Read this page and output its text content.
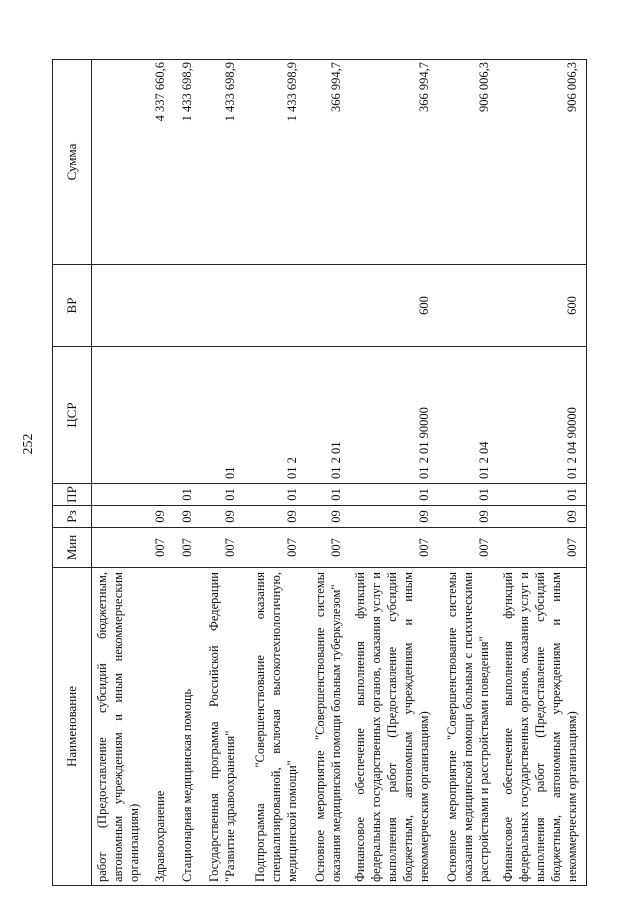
252
Наименование	Мин	Рз	ПР	ЦСР	ВР	Сумма
работ (Предоставление субсидий бюджетным, автономным учреждениям и иным некоммерческим организациям)						
Здравоохранение	007	09				4 337 660,6
Стационарная медицинская помощь	007	09	01			1 433 698,9
Государственная программа Российской Федерации "Развитие здравоохранения"	007	09	01	01		1 433 698,9
Подпрограмма "Совершенствование оказания специализированной, включая высокотехнологичную, медицинской помощи"	007	09	01	01 2		1 433 698,9
Основное мероприятие "Совершенствование системы оказания медицинской помощи больным туберкулезом"	007	09	01	01 2 01		366 994,7
Финансовое обеспечение выполнения функций федеральных государственных органов, оказания услуг и выполнения работ (Предоставление субсидий бюджетным, автономным учреждениям и иным некоммерческим организациям)	007	09	01	01 2 01 90000	600	366 994,7
Основное мероприятие "Совершенствование системы оказания медицинской помощи больным с психическими расстройствами и расстройствами поведения"	007	09	01	01 2 04		906 006,3
Финансовое обеспечение выполнения функций федеральных государственных органов, оказания услуг и выполнения работ (Предоставление субсидий бюджетным, автономным учреждениям и иным некоммерческим организациям)	007	09	01	01 2 04 90000	600	906 006,3
